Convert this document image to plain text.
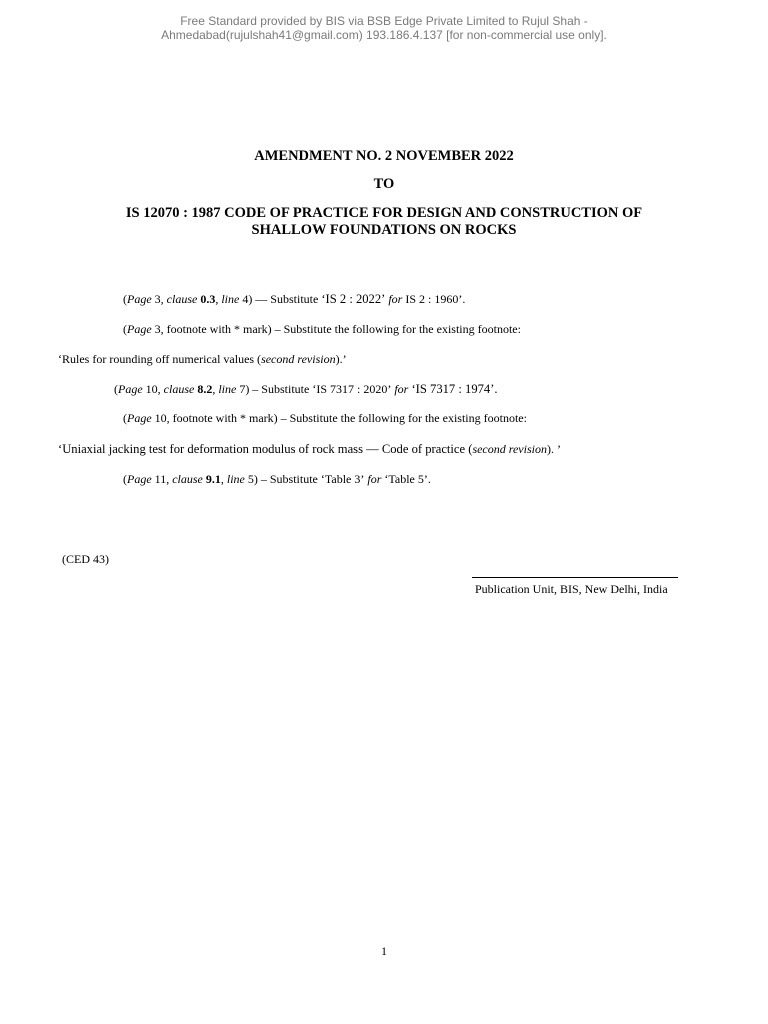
Free Standard provided by BIS via BSB Edge Private Limited to Rujul Shah -
Ahmedabad(rujulshah41@gmail.com) 193.186.4.137 [for non-commercial use only].
AMENDMENT NO. 2 NOVEMBER 2022
TO
IS 12070 : 1987 CODE OF PRACTICE FOR DESIGN AND CONSTRUCTION OF
SHALLOW FOUNDATIONS ON ROCKS
(Page 3, clause 0.3, line 4) — Substitute ‘IS 2 : 2022’ for IS 2 : 1960’.
(Page 3, footnote with * mark) – Substitute the following for the existing footnote:
‘Rules for rounding off numerical values (second revision).’
(Page 10, clause 8.2, line 7) – Substitute ‘IS 7317 : 2020’ for ‘IS 7317 : 1974’.
(Page 10, footnote with * mark) – Substitute the following for the existing footnote:
‘Uniaxial jacking test for deformation modulus of rock mass — Code of practice (second revision). ’
(Page 11, clause 9.1, line 5) – Substitute ‘Table 3’ for ‘Table 5’.
(CED 43)
Publication Unit, BIS, New Delhi, India
1
